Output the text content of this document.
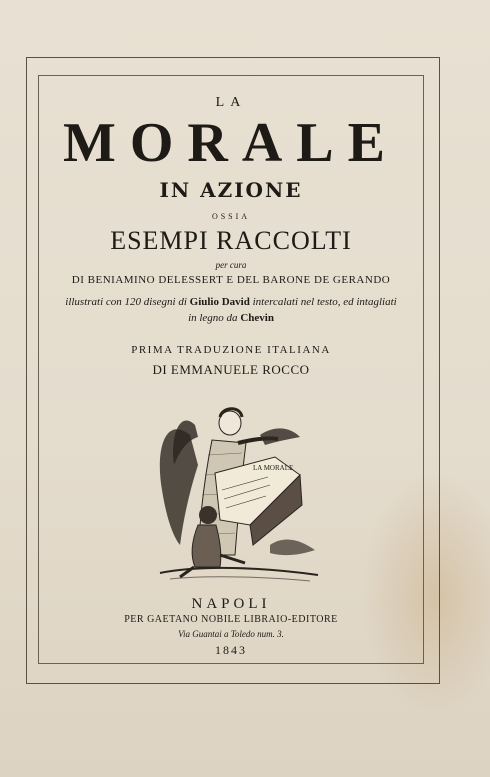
LA
MORALE
IN AZIONE
OSSIA
ESEMPI RACCOLTI
per cura
DI BENIAMINO DELESSERT E DEL BARONE DE GERANDO
illustrati con 120 disegni di Giulio David intercalati nel testo, ed intagliati
in legno da Chevin
PRIMA TRADUZIONE ITALIANA
DI EMMANUELE ROCCO
LA MORALE
NAPOLI
PER GAETANO NOBILE LIBRAIO-EDITORE
Via Guantai a Toledo num. 3.
1843
